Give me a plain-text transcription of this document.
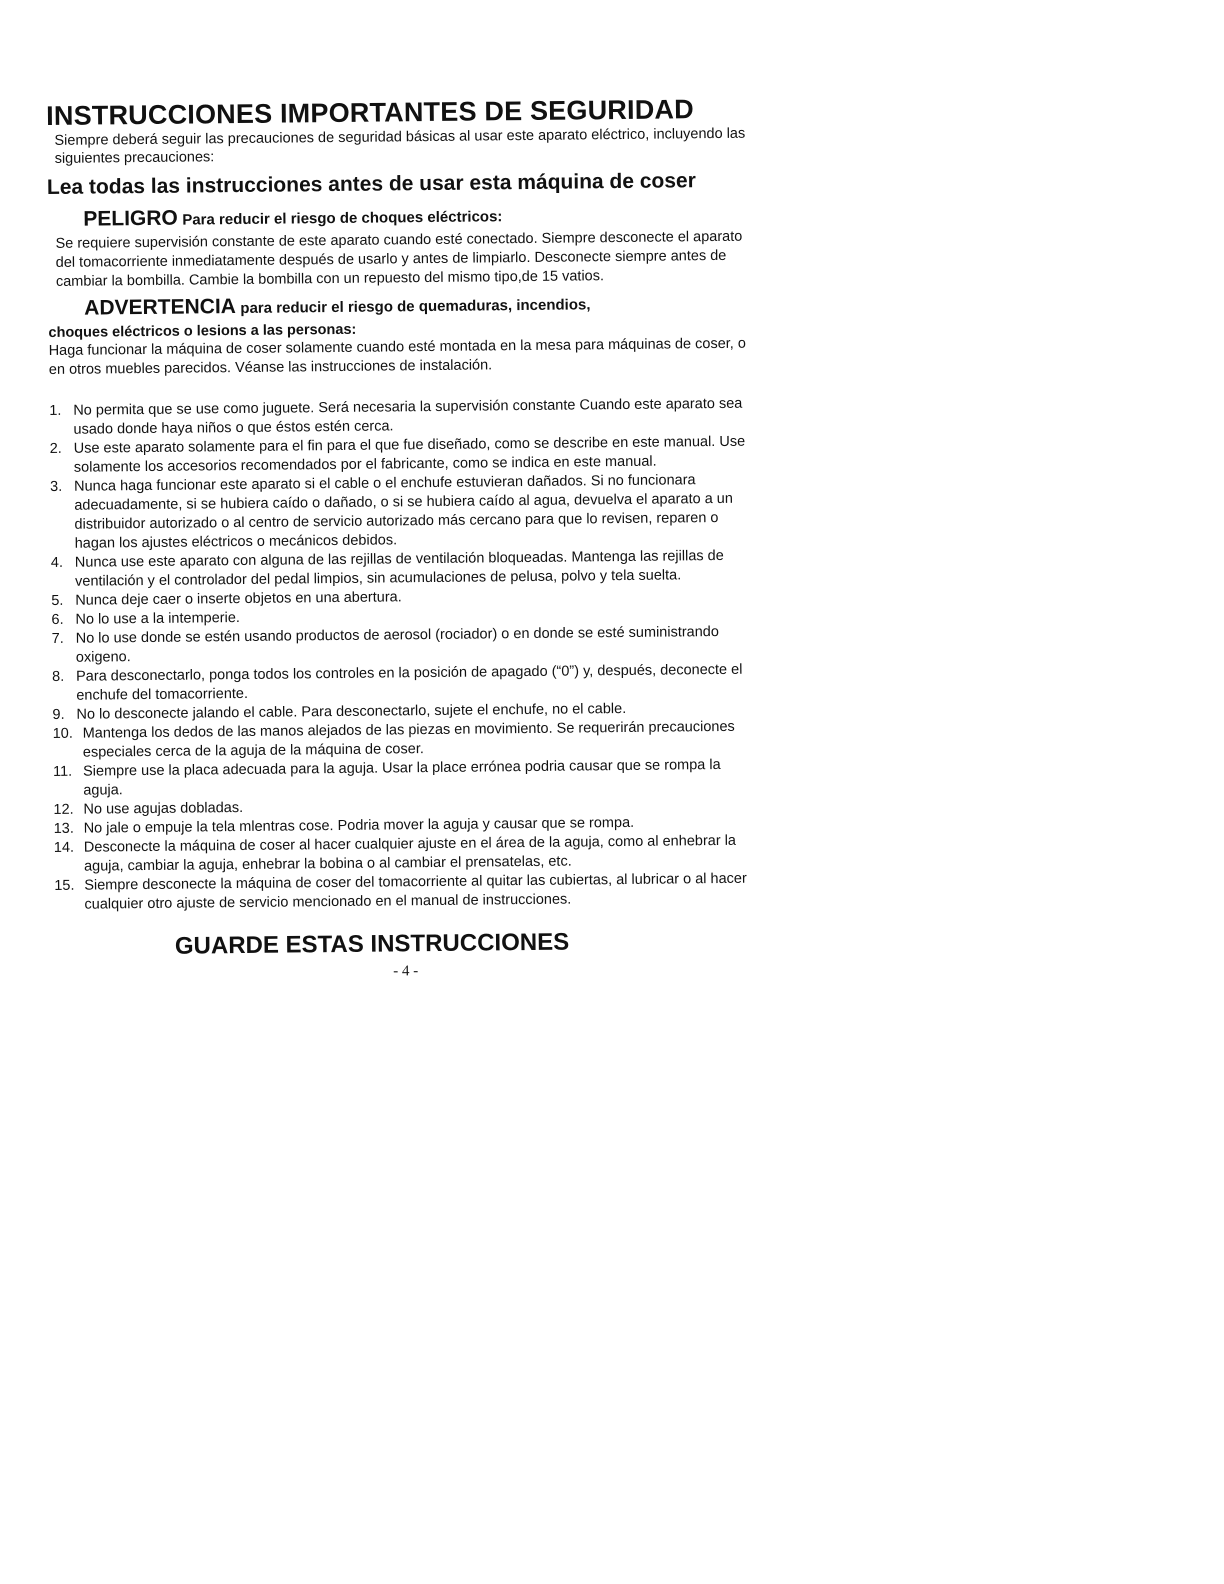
INSTRUCCIONES IMPORTANTES DE SEGURIDAD

Siempre deberá seguir las precauciones de seguridad básicas al usar este aparato eléctrico, incluyendo las siguientes precauciones:

Lea todas las instrucciones antes de usar esta máquina de coser
PELIGRO Para reducir el riesgo de choques eléctricos:

Se requiere supervisión constante de este aparato cuando esté conectado. Siempre desconecte el aparato del tomacorriente inmediatamente después de usarlo y antes de limpiarlo. Desconecte siempre antes de cambiar la bombilla. Cambie la bombilla con un repuesto del mismo tipo,de 15 vatios.

ADVERTENCIA para reducir el riesgo de quemaduras, incendios,

choques eléctricos o lesions a las personas:

Haga funcionar la máquina de coser solamente cuando esté montada en la mesa para máquinas de coser, o en otros muebles parecidos. Véanse las instrucciones de instalación.

1. No permita que se use como juguete. Será necesaria la supervisión constante Cuando este aparato sea usado donde haya niños o que éstos estén cerca.
2. Use este aparato solamente para el fin para el que fue diseñado, como se describe en este manual. Use solamente los accesorios recomendados por el fabricante, como se indica en este manual.
3. Nunca haga funcionar este aparato si el cable o el enchufe estuvieran dañados. Si no funcionara adecuadamente, si se hubiera caído o dañado, o si se hubiera caído al agua, devuelva el aparato a un distribuidor autorizado o al centro de servicio autorizado más cercano para que lo revisen, reparen o hagan los ajustes eléctricos o mecánicos debidos.
4. Nunca use este aparato con alguna de las rejillas de ventilación bloqueadas. Mantenga las rejillas de ventilación y el controlador del pedal limpios, sin acumulaciones de pelusa, polvo y tela suelta.
5. Nunca deje caer o inserte objetos en una abertura.
6. No lo use a la intemperie.
7. No lo use donde se estén usando productos de aerosol (rociador) o en donde se esté suministrando oxigeno.
8. Para desconectarlo, ponga todos los controles en la posición de apagado (“0”) y, después, deconecte el enchufe del tomacorriente.
9. No lo desconecte jalando el cable. Para desconectarlo, sujete el enchufe, no el cable.
10. Mantenga los dedos de las manos alejados de las piezas en movimiento. Se requerirán precauciones especiales cerca de la aguja de la máquina de coser.
11. Siempre use la placa adecuada para la aguja. Usar la place errónea podria causar que se rompa la aguja.
12. No use agujas dobladas.
13. No jale o empuje la tela mlentras cose. Podria mover la aguja y causar que se rompa.
14. Desconecte la máquina de coser al hacer cualquier ajuste en el área de la aguja, como al enhebrar la aguja, cambiar la aguja, enhebrar la bobina o al cambiar el prensatelas, etc.
15. Siempre desconecte la máquina de coser del tomacorriente al quitar las cubiertas, al lubricar o al hacer cualquier otro ajuste de servicio mencionado en el manual de instrucciones.
GUARDE ESTAS INSTRUCCIONES
- 4 -
